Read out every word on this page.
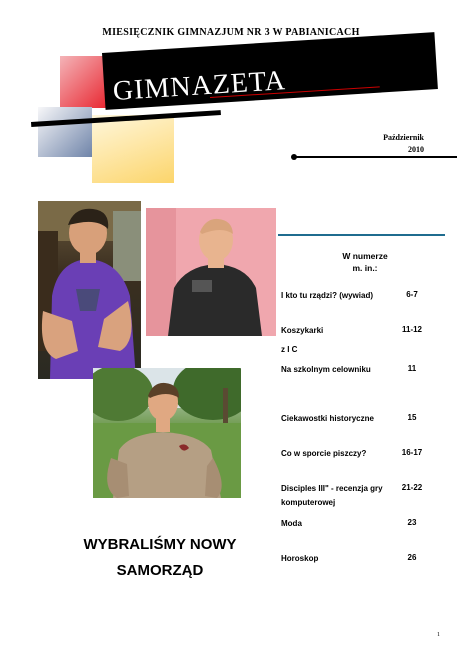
MIESIĘCZNIK GIMNAZJUM NR 3 W PABIANICACH
GIMNAZETA
Październik
2010
W numerze
m. in.:
I kto tu rządzi? (wywiad)	6-7
Koszykarki	11-12
z I C
Na szkolnym celowniku	11
Ciekawostki historyczne	15
Co w sporcie piszczy?	16-17
Disciples III" - recenzja gry	21-22
komputerowej
Moda	23
Horoskop	26
WYBRALIŚMY NOWY
SAMORZĄD
1
